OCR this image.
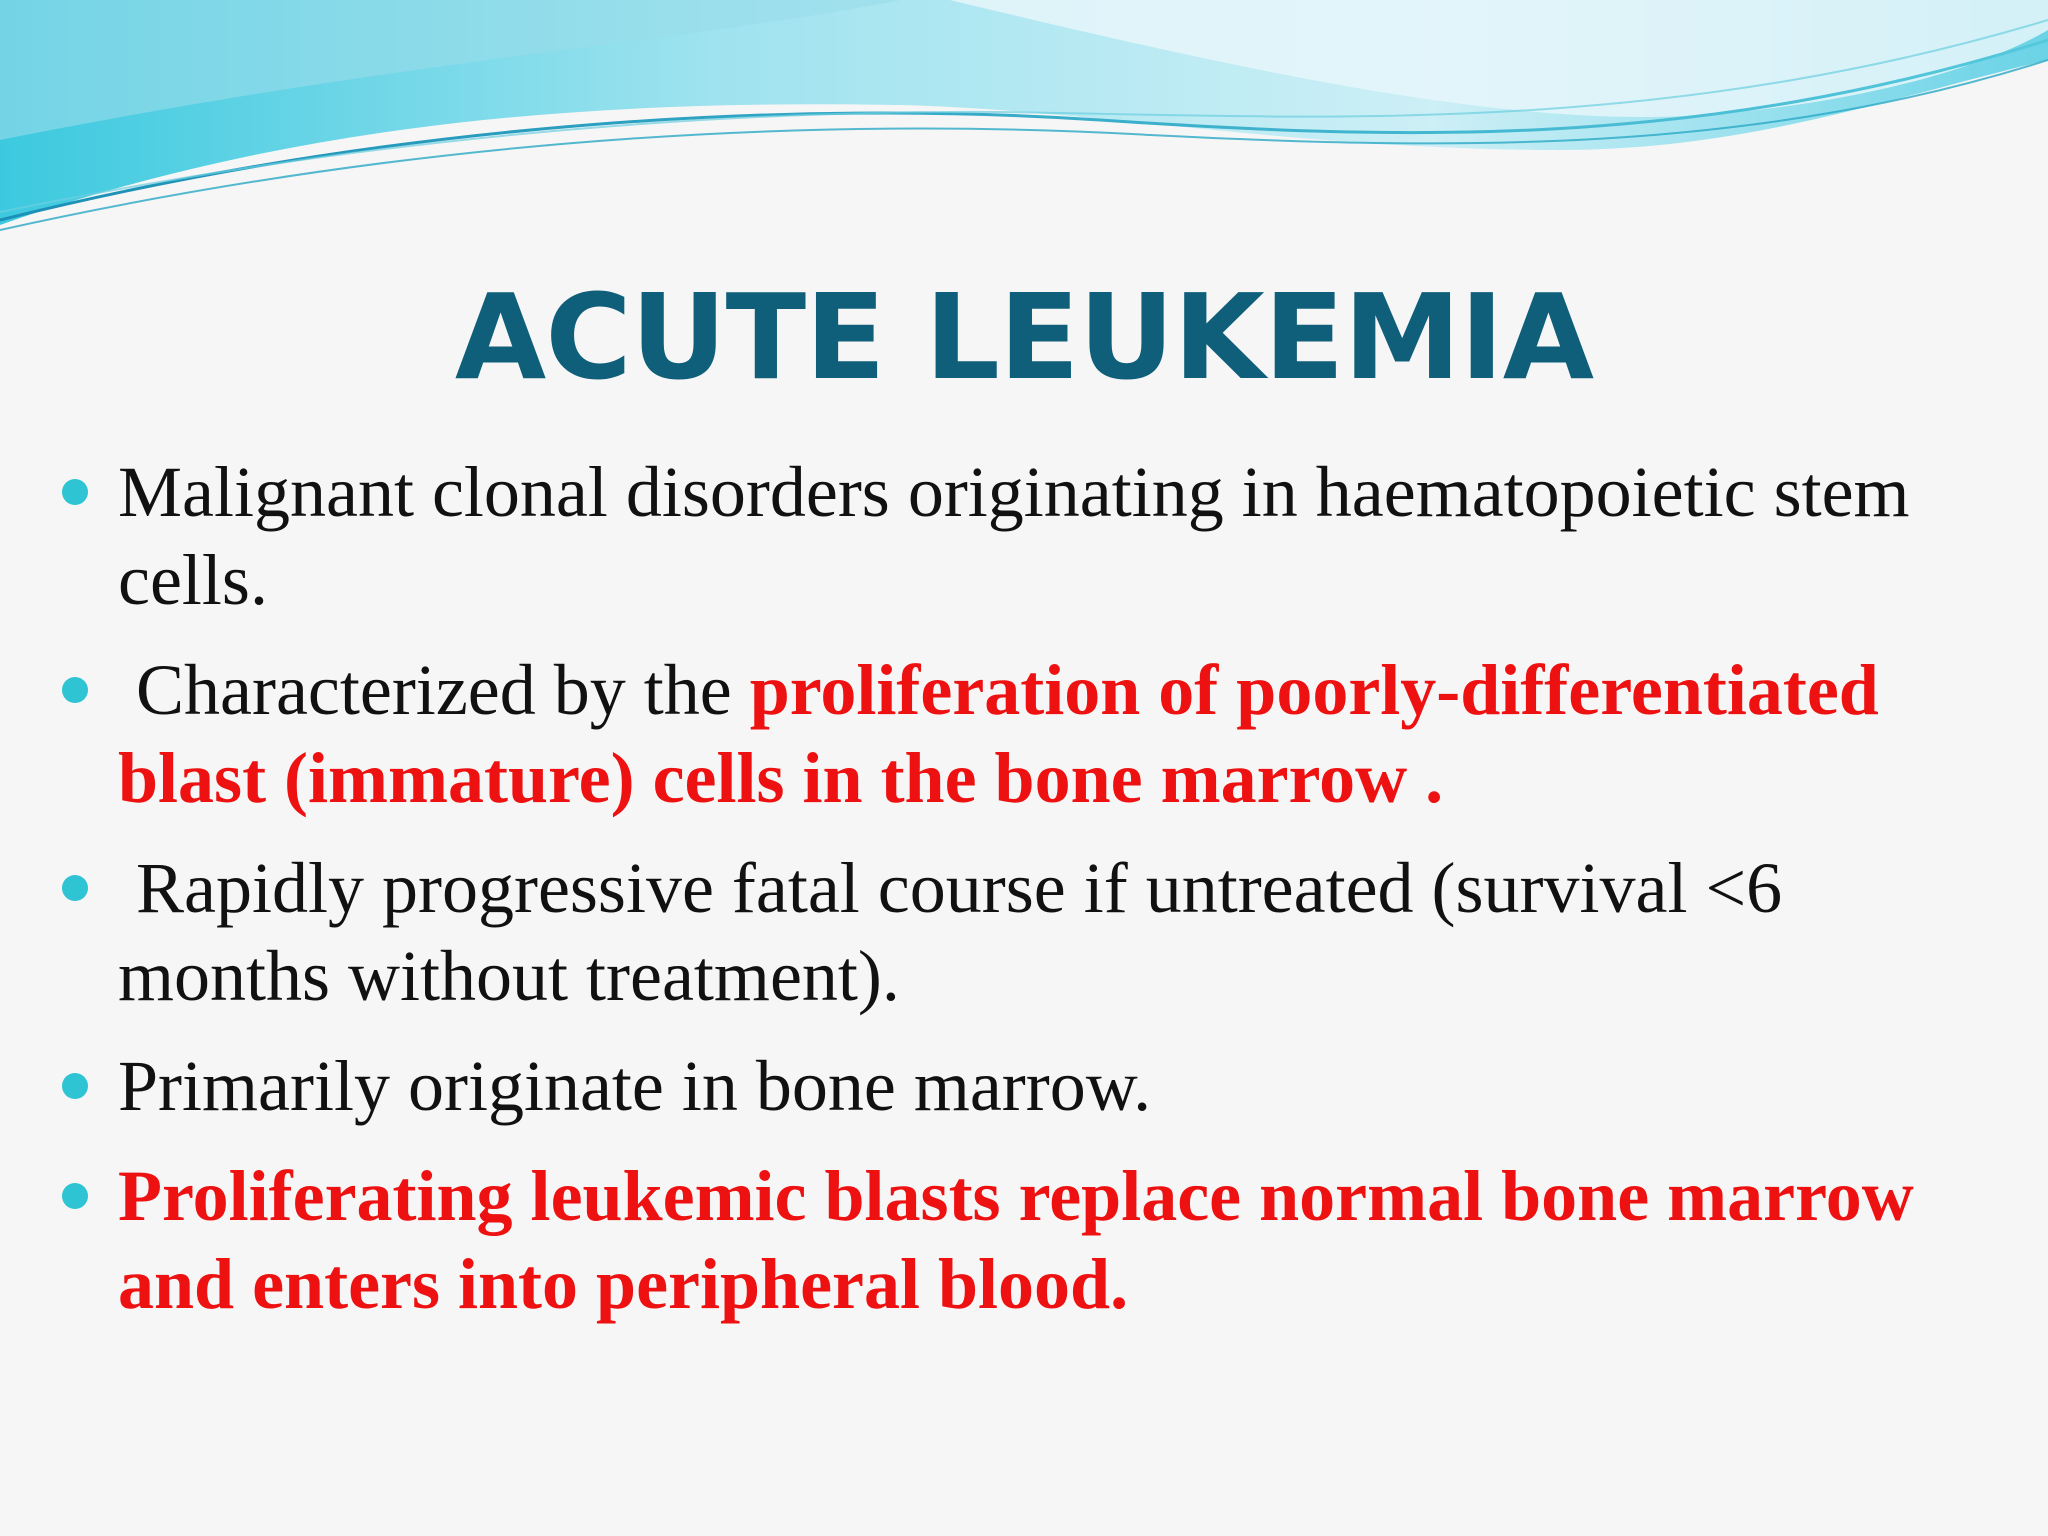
ACUTE LEUKEMIA
Malignant clonal disorders originating in haematopoietic stem cells.
Characterized by the proliferation of poorly-differentiated blast (immature) cells in the bone marrow .
Rapidly progressive fatal course if untreated (survival <6 months without treatment).
Primarily originate in bone marrow.
Proliferating leukemic blasts replace normal bone marrow and enters into peripheral blood.
